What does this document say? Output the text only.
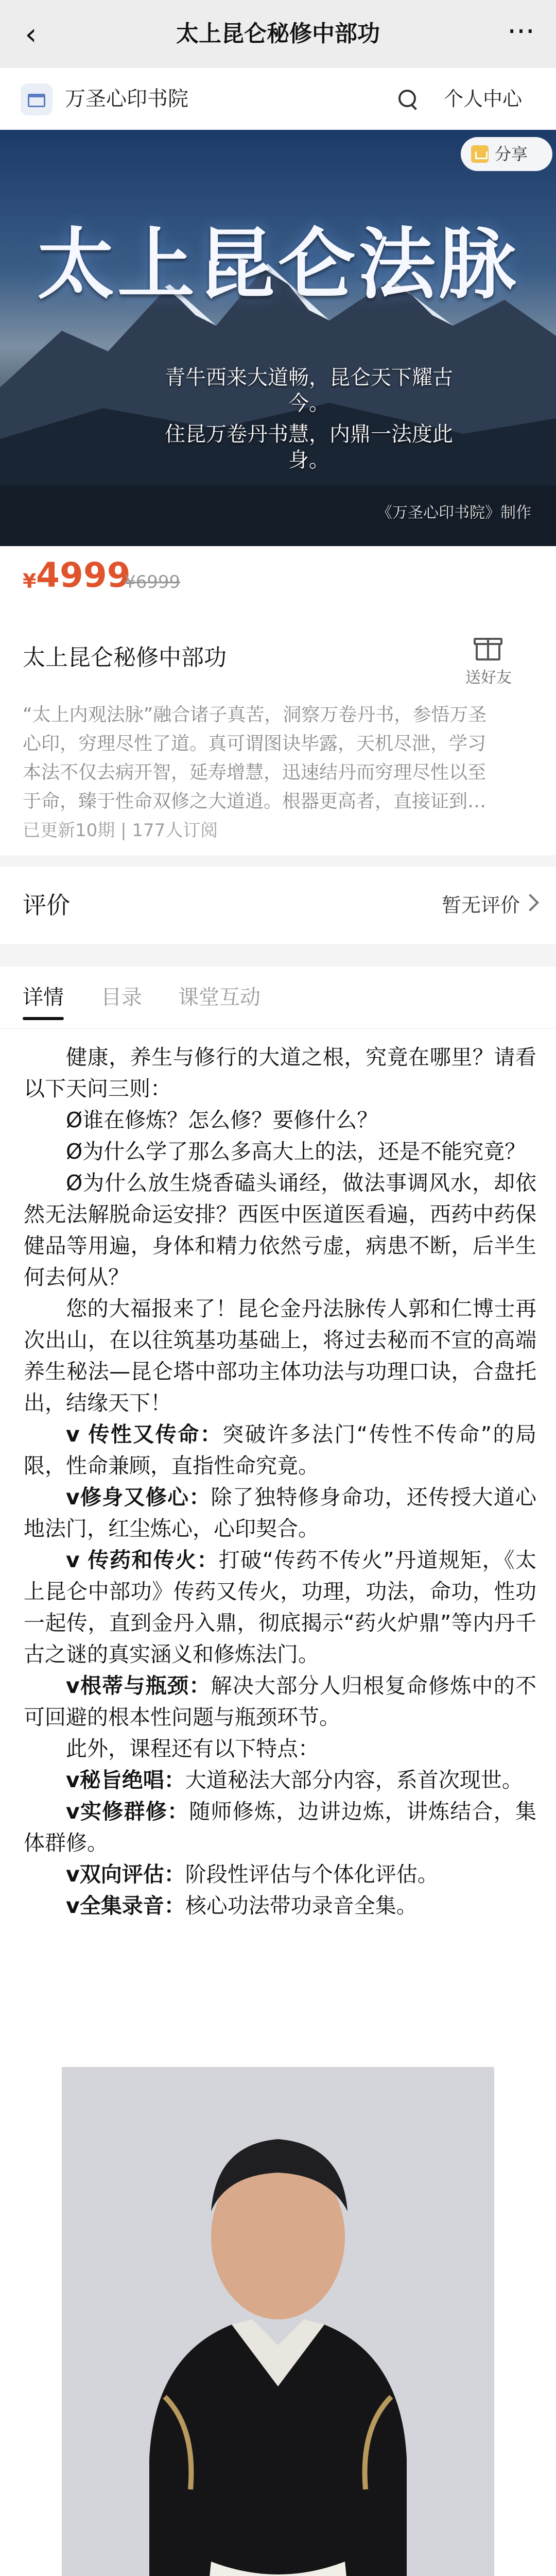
‹	太上昆仑秘修中部功	···
万圣心印书院	个人中心
太上昆仑法脉
青牛西来大道畅，昆仑天下耀古
今。
住昆万卷丹书慧，内鼎一法度此
身。
《万圣心印书院》制作
分享
¥ 4999
¥6999
太上昆仑秘修中部功
送好友
“太上内观法脉”融合诸子真苦，洞察万卷丹书，参悟万圣
心印，穷理尽性了道。真可谓图诀毕露，天机尽泄，学习
本法不仅去病开智，延寿增慧，迅速结丹而穷理尽性以至
于命，臻于性命双修之大道逍。根器更高者，直接证到…
已更新10期 | 177人订阅
评价	暂无评价
详情 目录 课堂互动

健康，养生与修行的大道之根，究竟在哪里？请看以下天问三则：

Ø谁在修炼？怎么修？要修什么？

Ø为什么学了那么多高大上的法，还是不能究竟？

Ø为什么放生烧香磕头诵经，做法事调风水，却依然无法解脱命运安排？西医中医道医看遍，西药中药保健品等用遍，身体和精力依然亏虚，病患不断，后半生何去何从？

您的大福报来了！昆仑金丹法脉传人郭和仁博士再次出山，在以往筑基功基础上，将过去秘而不宣的高端养生秘法—昆仑塔中部功主体功法与功理口诀，合盘托出，结缘天下！

v 传性又传命：突破许多法门“传性不传命”的局限，性命兼顾，直指性命究竟。

v修身又修心：除了独特修身命功，还传授大道心地法门，红尘炼心，心印契合。

v 传药和传火：打破“传药不传火”丹道规矩，《太上昆仑中部功》传药又传火，功理，功法，命功，性功一起传，直到金丹入鼎，彻底揭示“药火炉鼎”等内丹千古之谜的真实涵义和修炼法门。

v根蒂与瓶颈：解决大部分人归根复命修炼中的不可回避的根本性问题与瓶颈环节。

此外，课程还有以下特点：

v秘旨绝唱：大道秘法大部分内容，系首次现世。

v实修群修：随师修炼，边讲边炼，讲炼结合，集体群修。

v双向评估：阶段性评估与个体化评估。

v全集录音：核心功法带功录音全集。
